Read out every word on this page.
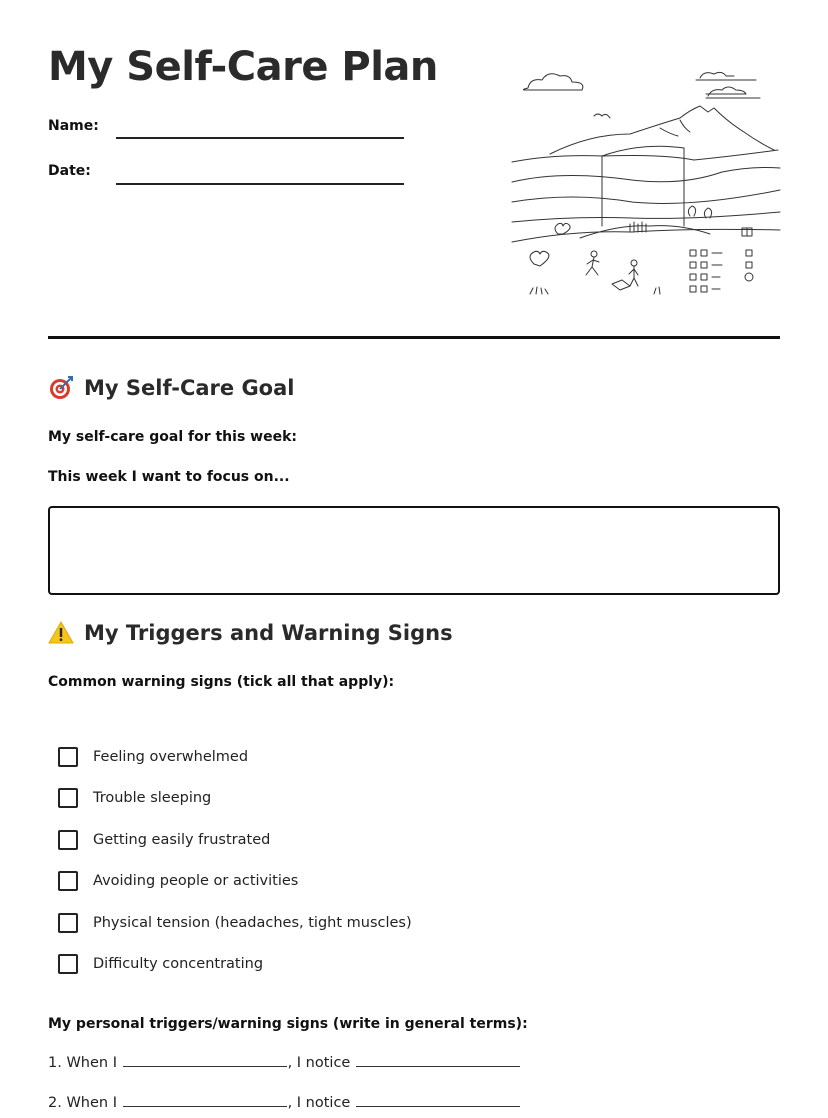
My Self-Care Plan
Name:
Date:
My Self-Care Goal
My self-care goal for this week:
This week I want to focus on...
My Triggers and Warning Signs
Common warning signs (tick all that apply):
Feeling overwhelmed
Trouble sleeping
Getting easily frustrated
Avoiding people or activities
Physical tension (headaches, tight muscles)
Difficulty concentrating
My personal triggers/warning signs (write in general terms):
1. When I	, I notice
2. When I	, I notice
